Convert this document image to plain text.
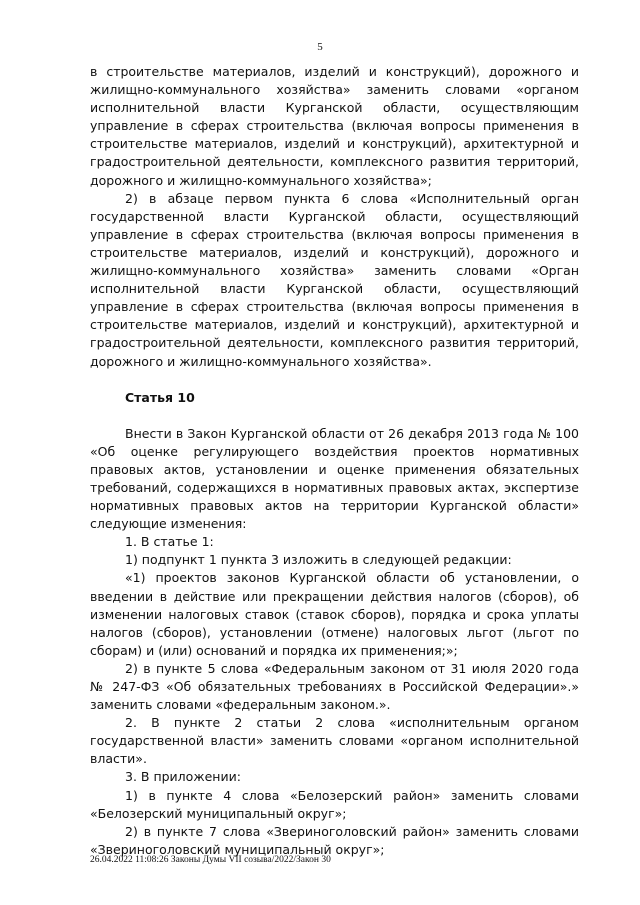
5

в строительстве материалов, изделий и конструкций), дорожного и жилищно-коммунального хозяйства» заменить словами «органом исполнительной власти Курганской области, осуществляющим управление в сферах строительства (включая вопросы применения в строительстве материалов, изделий и конструкций), архитектурной и градостроительной деятельности, комплексного развития территорий, дорожного и жилищно-коммунального хозяйства»;

2) в абзаце первом пункта 6 слова «Исполнительный орган государственной власти Курганской области, осуществляющий управление в сферах строительства (включая вопросы применения в строительстве материалов, изделий и конструкций), дорожного и жилищно-коммунального хозяйства» заменить словами «Орган исполнительной власти Курганской области, осуществляющий управление в сферах строительства (включая вопросы применения в строительстве материалов, изделий и конструкций), архитектурной и градостроительной деятельности, комплексного развития территорий, дорожного и жилищно-коммунального хозяйства».

Статья 10

Внести в Закон Курганской области от 26 декабря 2013 года № 100 «Об оценке регулирующего воздействия проектов нормативных правовых актов, установлении и оценке применения обязательных требований, содержащихся в нормативных правовых актах, экспертизе нормативных правовых актов на территории Курганской области» следующие изменения:

1. В статье 1:

1) подпункт 1 пункта 3 изложить в следующей редакции:

«1) проектов законов Курганской области об установлении, о введении в действие или прекращении действия налогов (сборов), об изменении налоговых ставок (ставок сборов), порядка и срока уплаты налогов (сборов), установлении (отмене) налоговых льгот (льгот по сборам) и (или) оснований и порядка их применения;»;

2) в пункте 5 слова «Федеральным законом от 31 июля 2020 года № 247-ФЗ «Об обязательных требованиях в Российской Федерации».» заменить словами «федеральным законом.».

2. В пункте 2 статьи 2 слова «исполнительным органом государственной власти» заменить словами «органом исполнительной власти».

3. В приложении:

1) в пункте 4 слова «Белозерский район» заменить словами «Белозерский муниципальный округ»;

2) в пункте 7 слова «Звериноголовский район» заменить словами «Звериноголовский муниципальный округ»;

26.04.2022 11:08:26 Законы Думы VII созыва/2022/Закон 30
